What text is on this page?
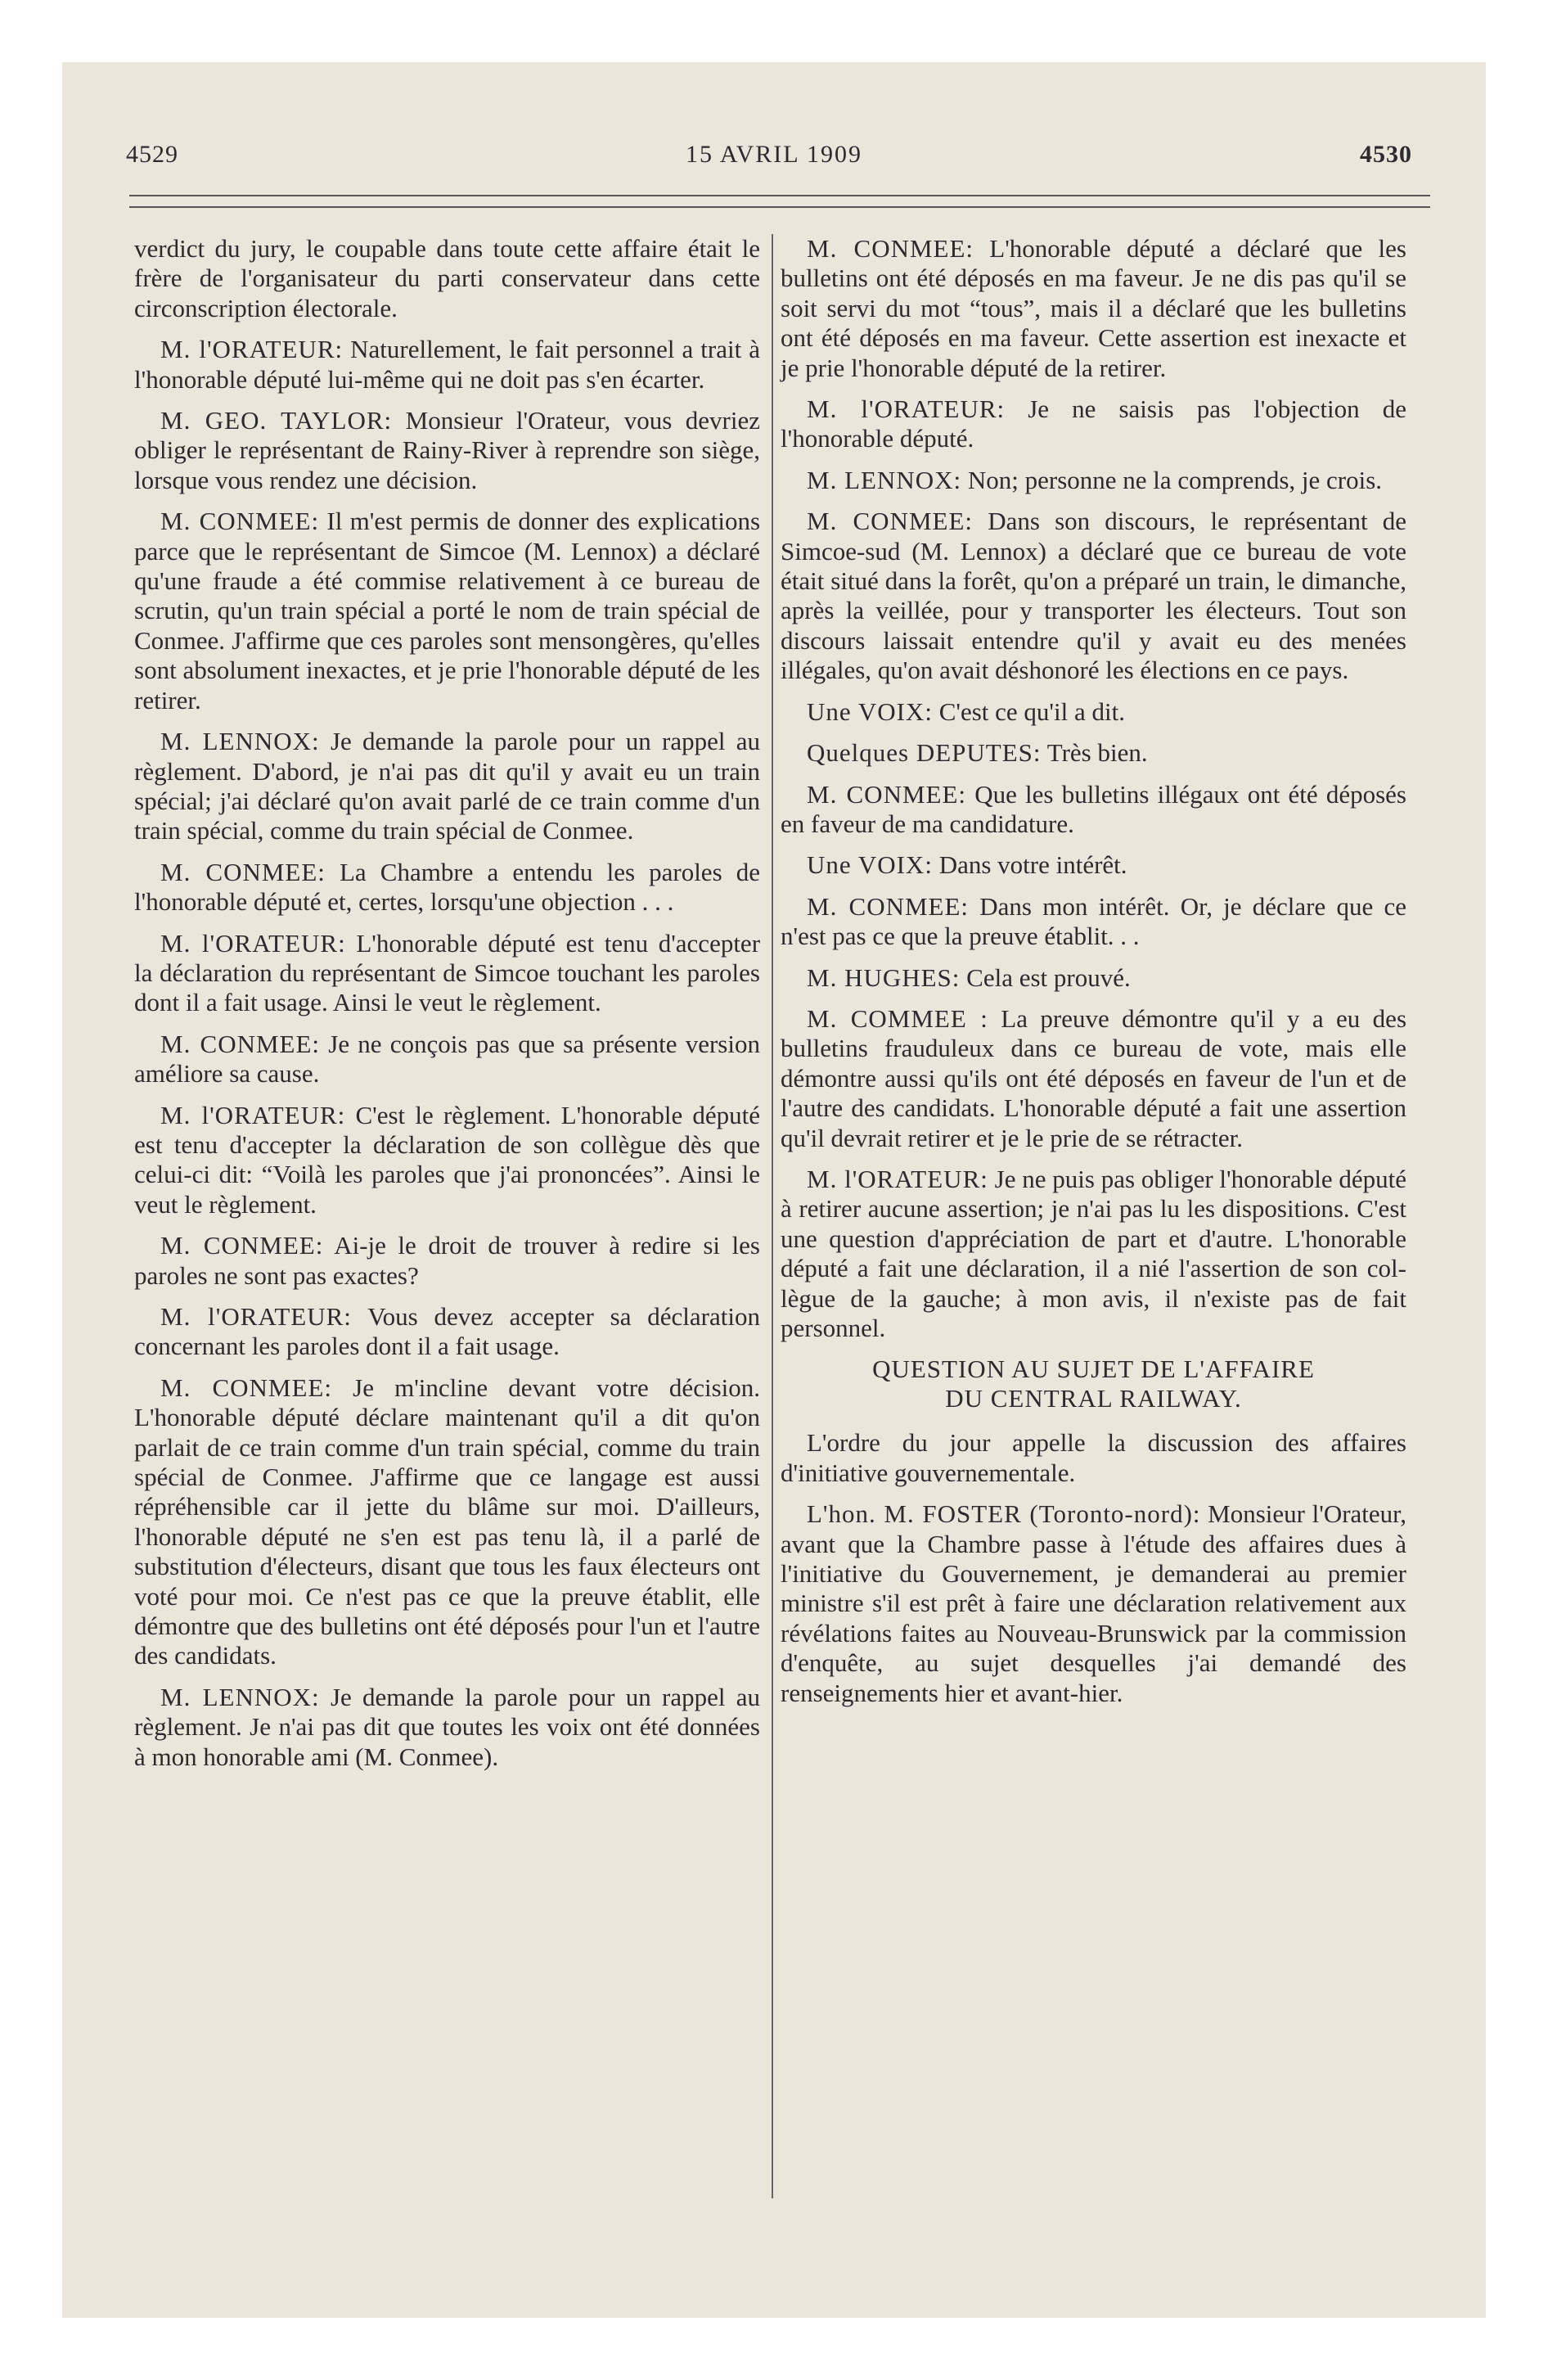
4529	15 AVRIL 1909	4530

verdict du jury, le coupable dans toute cette affaire était le frère de l'organisateur du parti conservateur dans cette circonscription électorale.

M. l'ORATEUR: Naturellement, le fait personnel a trait à l'honorable député lui-même qui ne doit pas s'en écarter.

M. GEO. TAYLOR: Monsieur l'Orateur, vous devriez obliger le représentant de Rainy-River à reprendre son siège, lorsque vous rendez une décision.

M. CONMEE: Il m'est permis de donner des explications parce que le représentant de Simcoe (M. Lennox) a déclaré qu'une fraude a été commise relativement à ce bureau de scrutin, qu'un train spécial a porté le nom de train spécial de Conmee. J'affirme que ces paroles sont mensongères, qu'elles sont absolument inexactes, et je prie l'honorable député de les retirer.

M. LENNOX: Je demande la parole pour un rappel au règlement. D'abord, je n'ai pas dit qu'il y avait eu un train spécial; j'ai déclaré qu'on avait parlé de ce train comme d'un train spécial, comme du train spécial de Conmee.

M. CONMEE: La Chambre a entendu les paroles de l'honorable député et, certes, lorsqu'une objection . . .

M. l'ORATEUR: L'honorable député est tenu d'accepter la déclaration du représentant de Simcoe touchant les paroles dont il a fait usage. Ainsi le veut le règlement.

M. CONMEE: Je ne conçois pas que sa présente version améliore sa cause.

M. l'ORATEUR: C'est le règlement. L'honorable député est tenu d'accepter la déclaration de son collègue dès que celui-ci dit: “Voilà les paroles que j'ai prononcées”. Ainsi le veut le règlement.

M. CONMEE: Ai-je le droit de trouver à redire si les paroles ne sont pas exactes?

M. l'ORATEUR: Vous devez accepter sa déclaration concernant les paroles dont il a fait usage.

M. CONMEE: Je m'incline devant votre décision. L'honorable député déclare maintenant qu'il a dit qu'on parlait de ce train comme d'un train spécial, comme du train spécial de Conmee. J'affirme que ce langage est aussi répréhensible car il jette du blâme sur moi. D'ailleurs, l'honorable député ne s'en est pas tenu là, il a parlé de substitution d'électeurs, disant que tous les faux électeurs ont voté pour moi. Ce n'est pas ce que la preuve établit, elle démontre que des bulletins ont été déposés pour l'un et l'autre des candidats.

M. LENNOX: Je demande la parole pour un rappel au règlement. Je n'ai pas dit que toutes les voix ont été données à mon honorable ami (M. Conmee).

M. CONMEE: L'honorable député a déclaré que les bulletins ont été déposés en ma faveur. Je ne dis pas qu'il se soit servi du mot “tous”, mais il a déclaré que les bulletins ont été déposés en ma faveur. Cette assertion est inexacte et je prie l'honorable député de la retirer.

M. l'ORATEUR: Je ne saisis pas l'objection de l'honorable député.

M. LENNOX: Non; personne ne la comprends, je crois.

M. CONMEE: Dans son discours, le représentant de Simcoe-sud (M. Lennox) a déclaré que ce bureau de vote était situé dans la forêt, qu'on a préparé un train, le dimanche, après la veillée, pour y transporter les électeurs. Tout son discours laissait entendre qu'il y avait eu des menées illégales, qu'on avait déshonoré les élections en ce pays.

Une VOIX: C'est ce qu'il a dit.

Quelques DEPUTES: Très bien.

M. CONMEE: Que les bulletins illégaux ont été déposés en faveur de ma candidature.

Une VOIX: Dans votre intérêt.

M. CONMEE: Dans mon intérêt. Or, je déclare que ce n'est pas ce que la preuve établit. . .

M. HUGHES: Cela est prouvé.

M. COMMEE : La preuve démontre qu'il y a eu des bulletins frauduleux dans ce bureau de vote, mais elle démontre aussi qu'ils ont été déposés en faveur de l'un et de l'autre des candidats. L'honorable député a fait une assertion qu'il devrait retirer et je le prie de se rétracter.

M. l'ORATEUR: Je ne puis pas obliger l'honorable député à retirer aucune assertion; je n'ai pas lu les dispositions. C'est une question d'appréciation de part et d'autre. L'honorable député a fait une déclaration, il a nié l'assertion de son collègue de la gauche; à mon avis, il n'existe pas de fait personnel.

QUESTION AU SUJET DE L'AFFAIRE
DU CENTRAL RAILWAY.

L'ordre du jour appelle la discussion des affaires d'initiative gouvernementale.

L'hon. M. FOSTER (Toronto-nord): Monsieur l'Orateur, avant que la Chambre passe à l'étude des affaires dues à l'initiative du Gouvernement, je demanderai au premier ministre s'il est prêt à faire une déclaration relativement aux révélations faites au Nouveau-Brunswick par la commission d'enquête, au sujet desquelles j'ai demandé des renseignements hier et avant-hier.
